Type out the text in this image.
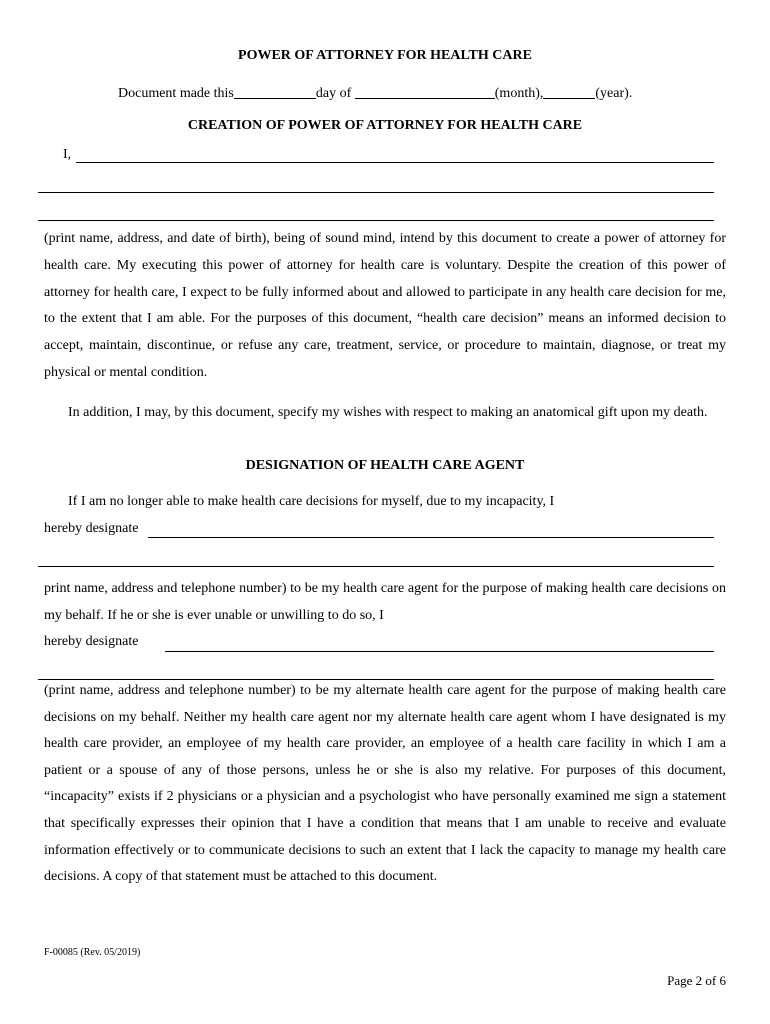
POWER OF ATTORNEY FOR HEALTH CARE
Document made this	day of	(month),	(year).
CREATION OF POWER OF ATTORNEY FOR HEALTH CARE
I,
(print name, address, and date of birth), being of sound mind, intend by this document to create a power of attorney for health care. My executing this power of attorney for health care is voluntary. Despite the creation of this power of attorney for health care, I expect to be fully informed about and allowed to participate in any health care decision for me, to the extent that I am able. For the purposes of this document, “health care decision” means an informed decision to accept, maintain, discontinue, or refuse any care, treatment, service, or procedure to maintain, diagnose, or treat my physical or mental condition.
In addition, I may, by this document, specify my wishes with respect to making an anatomical gift upon my death.
DESIGNATION OF HEALTH CARE AGENT
If I am no longer able to make health care decisions for myself, due to my incapacity, I
hereby designate
print name, address and telephone number) to be my health care agent for the purpose of making health care decisions on my behalf. If he or she is ever unable or unwilling to do so, I
hereby designate
(print name, address and telephone number) to be my alternate health care agent for the purpose of making health care decisions on my behalf. Neither my health care agent nor my alternate health care agent whom I have designated is my health care provider, an employee of my health care provider, an employee of a health care facility in which I am a patient or a spouse of any of those persons, unless he or she is also my relative. For purposes of this document, “incapacity” exists if 2 physicians or a physician and a psychologist who have personally examined me sign a statement that specifically expresses their opinion that I have a condition that means that I am unable to receive and evaluate information effectively or to communicate decisions to such an extent that I lack the capacity to manage my health care decisions. A copy of that statement must be attached to this document.
F-00085 (Rev. 05/2019)
Page 2 of 6
